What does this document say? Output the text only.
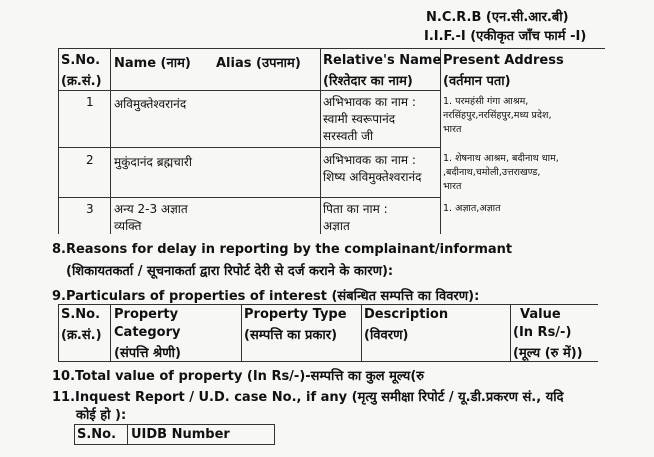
N.C.R.B (एन.सी.आर.बी)
I.I.F.-I (एकीकृत जाँच फार्म -I)
S.No.
(क्र.सं.)
Name (नाम) Alias (उपनाम) Relative's Name
(रिश्तेदार का नाम)
Present Address
(वर्तमान पता)
1 अविमुक्तेश्वरानंद	अभिभावक का नाम :
स्वामी स्वरूपानंद
सरस्वती जी
1. परमहंसी गंगा आश्रम,
नरसिंहपुर,नरसिंहपुर,मध्य प्रदेश,
भारत
2 मुकुंदानंद ब्रह्मचारी	अभिभावक का नाम :
शिष्य अविमुक्तेश्वरानंद
1. शेषनाथ आश्रम, बदीनाथ धाम,
,बदीनाथ,चमोली,उत्तराखण्ड,
भारत
3 अन्य 2-3 अज्ञात
व्यक्ति
पिता का नाम :
अज्ञात
1. अज्ञात,अज्ञात
8.Reasons for delay in reporting by the complainant/informant
(शिकायतकर्ता / सूचनाकर्ता द्वारा रिपोर्ट देरी से दर्ज कराने के कारण):
9.Particulars of properties of interest (संबन्धित सम्पत्ति का विवरण):
S.No.
(क्र.सं.)
Property
Category
(संपत्ति श्रेणी)
Property Type
(सम्पत्ति का प्रकार)
Description
(विवरण)
Value
(In Rs/-)
(मूल्य (रु में))
10.Total value of property (In Rs/-)-सम्पत्ति का कुल मूल्य(रु
11.Inquest Report / U.D. case No., if any (मृत्यु समीक्षा रिपोर्ट / यू.डी.प्रकरण सं., यदि
कोई हो ):
S.No. UIDB Number
